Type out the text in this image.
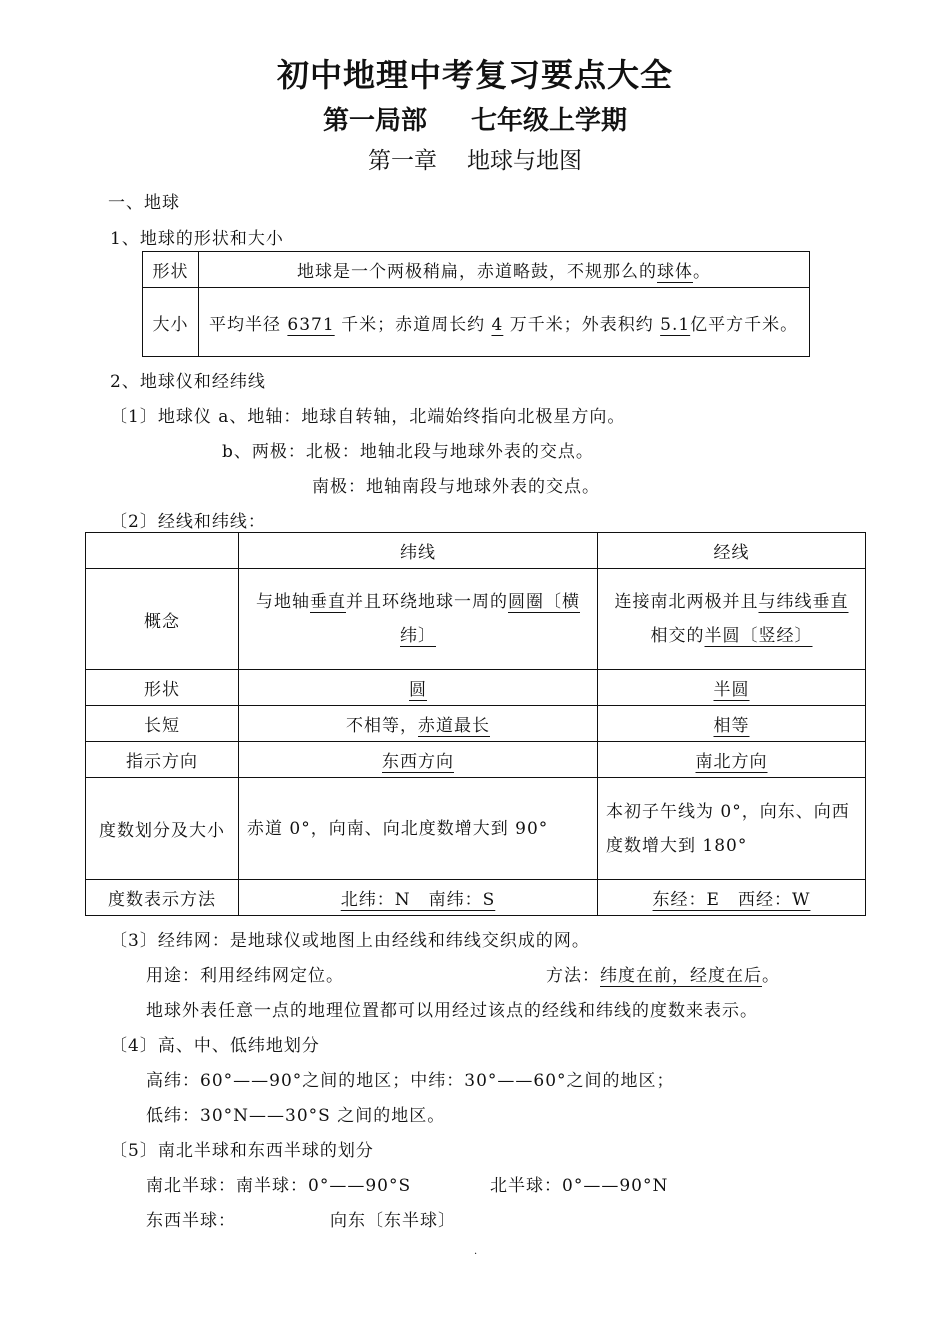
初中地理中考复习要点大全
第一局部 七年级上学期
第一章 地球与地图
一、地球
1、地球的形状和大小
形状	地球是一个两极稍扁，赤道略鼓，不规那么的球体。
大小	平均半径 6371 千米；赤道周长约 4 万千米；外表积约 5.1亿平方千米。
2、地球仪和经纬线
〔1〕地球仪 a、地轴：地球自转轴，北端始终指向北极星方向。
b、两极：北极：地轴北段与地球外表的交点。
南极：地轴南段与地球外表的交点。
〔2〕经线和纬线：
	纬线	经线
概念	与地轴垂直并且环绕地球一周的圆圈〔横纬〕	连接南北两极并且与纬线垂直
相交的半圆〔竖经〕
形状	圆	半圆
长短	不相等，赤道最长	相等
指示方向	东西方向	南北方向
度数划分及大小	赤道 0°，向南、向北度数增大到 90°	本初子午线为 0°，向东、向西度数增大到 180°
度数表示方法	北纬：N　南纬：S	东经：E　西经：W
〔3〕经纬网：是地球仪或地图上由经线和纬线交织成的网。
用途：利用经纬网定位。	方法：纬度在前，经度在后。
地球外表任意一点的地理位置都可以用经过该点的经线和纬线的度数来表示。
〔4〕高、中、低纬地划分
高纬：60°——90°之间的地区；中纬：30°——60°之间的地区；
低纬：30°N——30°S 之间的地区。
〔5〕南北半球和东西半球的划分
南北半球：南半球：0°——90°S	北半球：0°——90°N
东西半球：	向东〔东半球〕
.
